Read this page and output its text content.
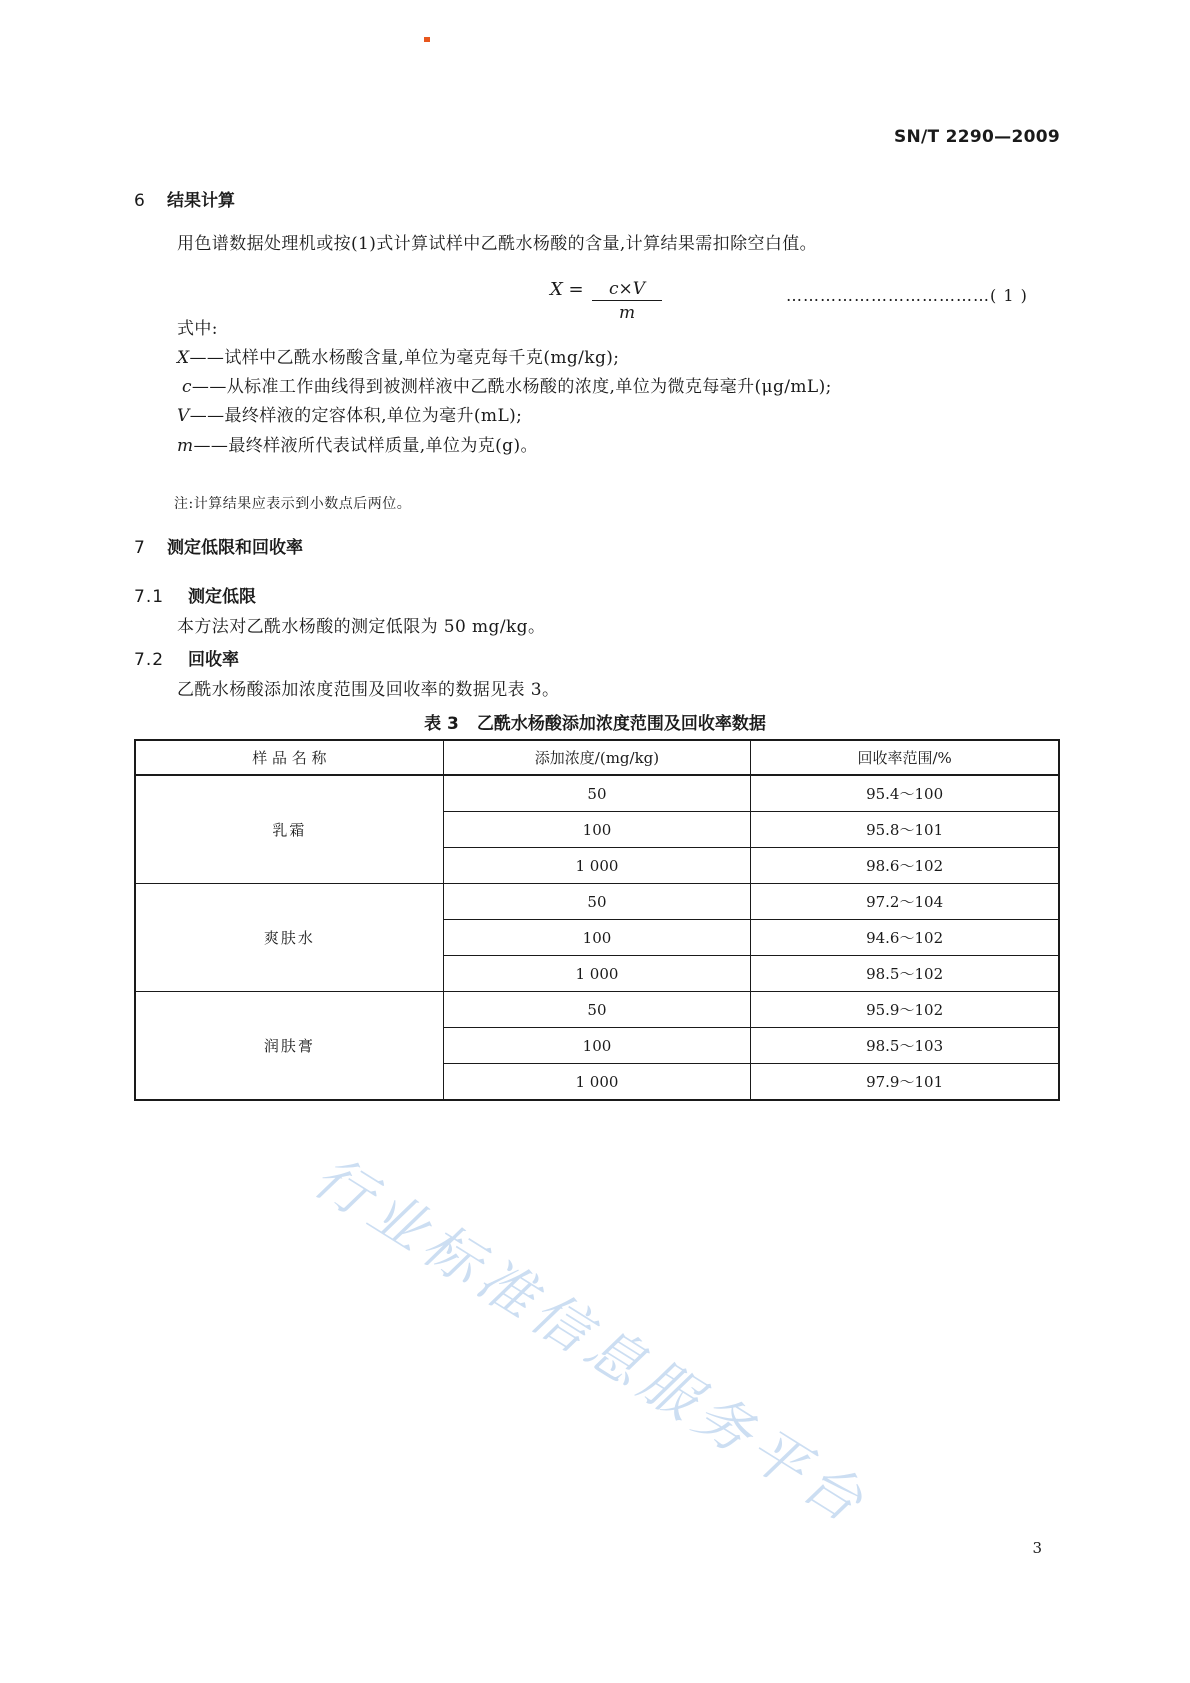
SN/T 2290—2009
6 结果计算
用色谱数据处理机或按(1)式计算试样中乙酰水杨酸的含量,计算结果需扣除空白值。
X =	c×V
m
………………………………( 1 )
式中:
X——试样中乙酰水杨酸含量,单位为毫克每千克(mg/kg);
c——从标准工作曲线得到被测样液中乙酰水杨酸的浓度,单位为微克每毫升(μg/mL);
V——最终样液的定容体积,单位为毫升(mL);
m——最终样液所代表试样质量,单位为克(g)。
注:计算结果应表示到小数点后两位。
7 测定低限和回收率
7.1 测定低限
本方法对乙酰水杨酸的测定低限为 50 mg/kg。
7.2 回收率
乙酰水杨酸添加浓度范围及回收率的数据见表 3。
表 3 乙酰水杨酸添加浓度范围及回收率数据
样 品 名 称	添加浓度/(mg/kg)	回收率范围/%
乳霜	50	95.4～100
	100	95.8～101
	1 000	98.6～102
爽肤水	50	97.2～104
	100	94.6～102
	1 000	98.5～102
润肤膏	50	95.9～102
	100	98.5～103
	1 000	97.9～101
行业标准信息服务平台
3
